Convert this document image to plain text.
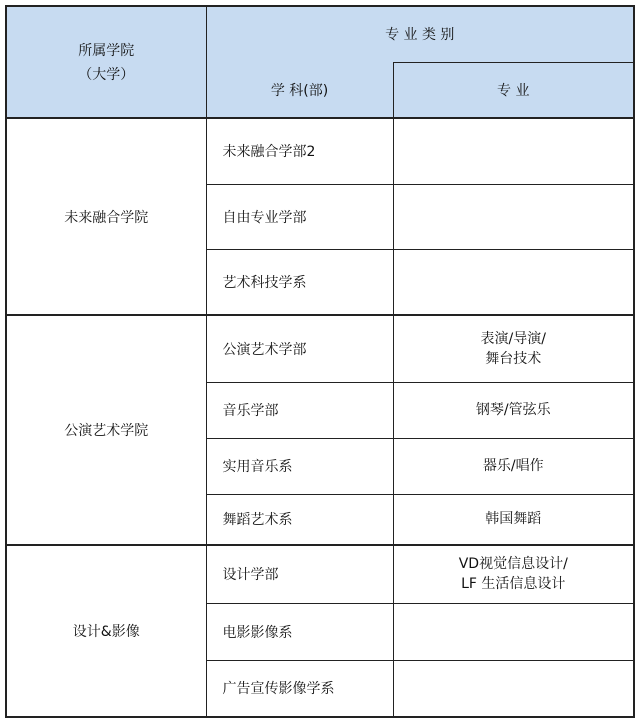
所属学院
（大学）	专 业 类 别	
	学 科(部)	专 业
未来融合学院	未来融合学部2	
	自由专业学部	
	艺术科技学系	
公演艺术学院	公演艺术学部	表演/导演/
舞台技术

	音乐学部	钢琴/管弦乐
	实用音乐系	器乐/唱作
	舞蹈艺术系	韩国舞蹈
设计&影像	设计学部	VD视觉信息设计/
LF 生活信息设计

	电影影像系	
	广告宣传影像学系	
